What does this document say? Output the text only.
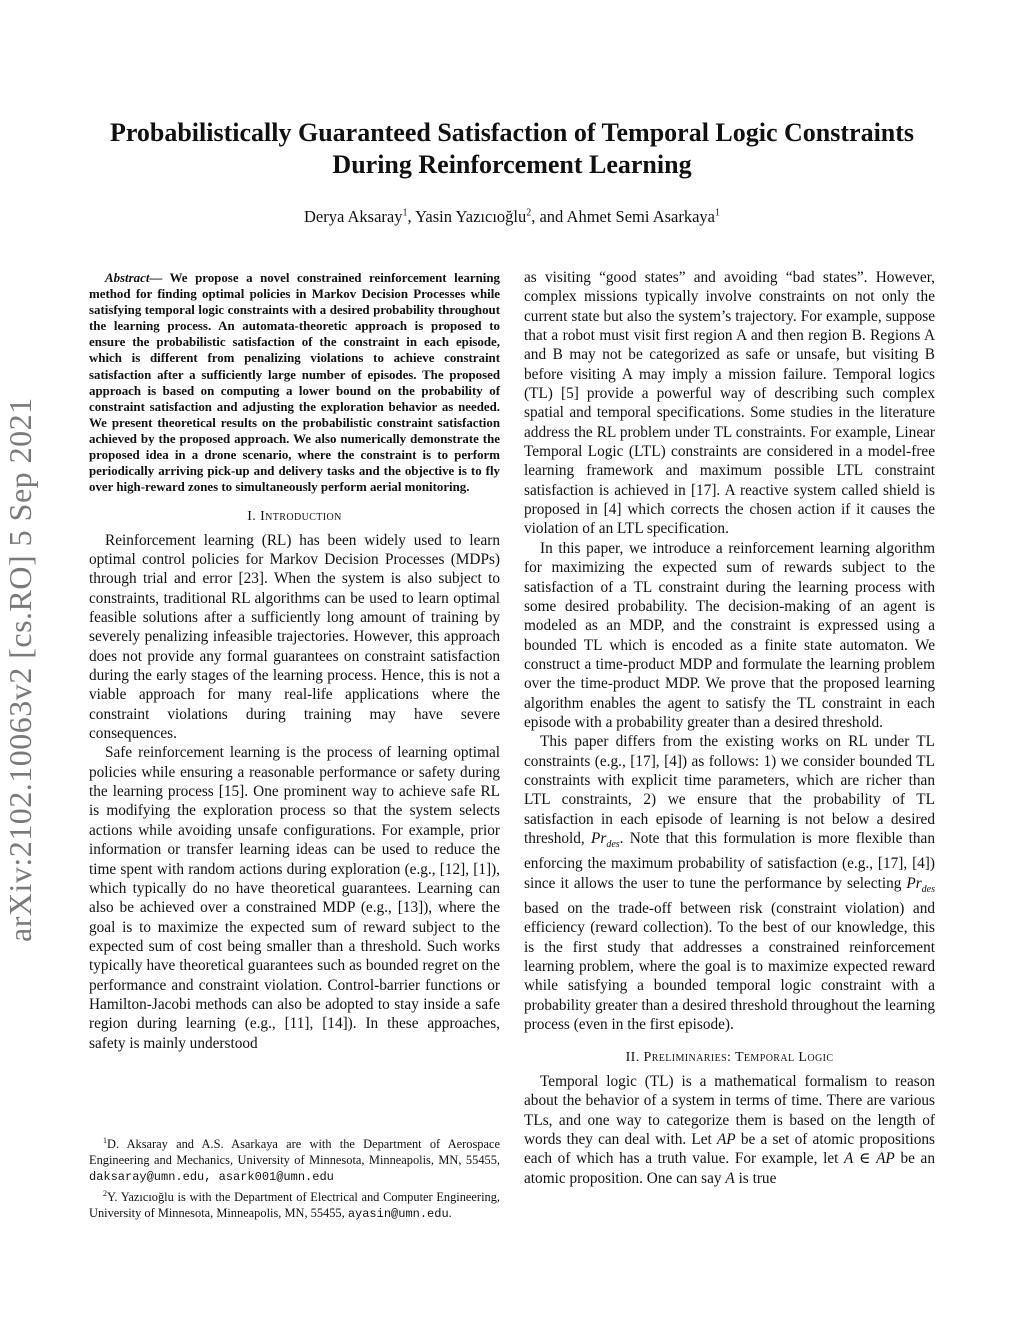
arXiv:2102.10063v2 [cs.RO] 5 Sep 2021
Probabilistically Guaranteed Satisfaction of Temporal Logic Constraints
During Reinforcement Learning
Derya Aksaray$^1$, Yasin Yazıcıoğlu$^2$, and Ahmet Semi Asarkaya$^1$

Abstract— We propose a novel constrained reinforcement learning method for finding optimal policies in Markov Decision Processes while satisfying temporal logic constraints with a desired probability throughout the learning process. An automata-theoretic approach is proposed to ensure the probabilistic satisfaction of the constraint in each episode, which is different from penalizing violations to achieve constraint satisfaction after a sufficiently large number of episodes. The proposed approach is based on computing a lower bound on the probability of constraint satisfaction and adjusting the exploration behavior as needed. We present theoretical results on the probabilistic constraint satisfaction achieved by the proposed approach. We also numerically demonstrate the proposed idea in a drone scenario, where the constraint is to perform periodically arriving pick-up and delivery tasks and the objective is to fly over high-reward zones to simultaneously perform aerial monitoring.

I. Introduction

Reinforcement learning (RL) has been widely used to learn optimal control policies for Markov Decision Processes (MDPs) through trial and error [23]. When the system is also subject to constraints, traditional RL algorithms can be used to learn optimal feasible solutions after a sufficiently long amount of training by severely penalizing infeasible trajectories. However, this approach does not provide any formal guarantees on constraint satisfaction during the early stages of the learning process. Hence, this is not a viable approach for many real-life applications where the constraint violations during training may have severe consequences.

Safe reinforcement learning is the process of learning optimal policies while ensuring a reasonable performance or safety during the learning process [15]. One prominent way to achieve safe RL is modifying the exploration process so that the system selects actions while avoiding unsafe configurations. For example, prior information or transfer learning ideas can be used to reduce the time spent with random actions during exploration (e.g., [12], [1]), which typically do no have theoretical guarantees. Learning can also be achieved over a constrained MDP (e.g., [13]), where the goal is to maximize the expected sum of reward subject to the expected sum of cost being smaller than a threshold. Such works typically have theoretical guarantees such as bounded regret on the performance and constraint violation. Control-barrier functions or Hamilton-Jacobi methods can also be adopted to stay inside a safe region during learning (e.g., [11], [14]). In these approaches, safety is mainly understood

$^1$D. Aksaray and A.S. Asarkaya are with the Department of Aerospace Engineering and Mechanics, University of Minnesota, Minneapolis, MN, 55455, daksaray@umn.edu, asark001@umn.edu

$^2$Y. Yazıcıoğlu is with the Department of Electrical and Computer Engineering, University of Minnesota, Minneapolis, MN, 55455, ayasin@umn.edu.

as visiting “good states” and avoiding “bad states”. However, complex missions typically involve constraints on not only the current state but also the system’s trajectory. For example, suppose that a robot must visit first region A and then region B. Regions A and B may not be categorized as safe or unsafe, but visiting B before visiting A may imply a mission failure. Temporal logics (TL) [5] provide a powerful way of describing such complex spatial and temporal specifications. Some studies in the literature address the RL problem under TL constraints. For example, Linear Temporal Logic (LTL) constraints are considered in a model-free learning framework and maximum possible LTL constraint satisfaction is achieved in [17]. A reactive system called shield is proposed in [4] which corrects the chosen action if it causes the violation of an LTL specification.

In this paper, we introduce a reinforcement learning algorithm for maximizing the expected sum of rewards subject to the satisfaction of a TL constraint during the learning process with some desired probability. The decision-making of an agent is modeled as an MDP, and the constraint is expressed using a bounded TL which is encoded as a finite state automaton. We construct a time-product MDP and formulate the learning problem over the time-product MDP. We prove that the proposed learning algorithm enables the agent to satisfy the TL constraint in each episode with a probability greater than a desired threshold.

This paper differs from the existing works on RL under TL constraints (e.g., [17], [4]) as follows: 1) we consider bounded TL constraints with explicit time parameters, which are richer than LTL constraints, 2) we ensure that the probability of TL satisfaction in each episode of learning is not below a desired threshold, $Pr_{des}$. Note that this formulation is more flexible than enforcing the maximum probability of satisfaction (e.g., [17], [4]) since it allows the user to tune the performance by selecting $Pr_{des}$ based on the trade-off between risk (constraint violation) and efficiency (reward collection). To the best of our knowledge, this is the first study that addresses a constrained reinforcement learning problem, where the goal is to maximize expected reward while satisfying a bounded temporal logic constraint with a probability greater than a desired threshold throughout the learning process (even in the first episode).

II. Preliminaries: Temporal Logic

Temporal logic (TL) is a mathematical formalism to reason about the behavior of a system in terms of time. There are various TLs, and one way to categorize them is based on the length of words they can deal with. Let AP be a set of atomic propositions each of which has a truth value. For example, let A ∈ AP be an atomic proposition. One can say A is true
